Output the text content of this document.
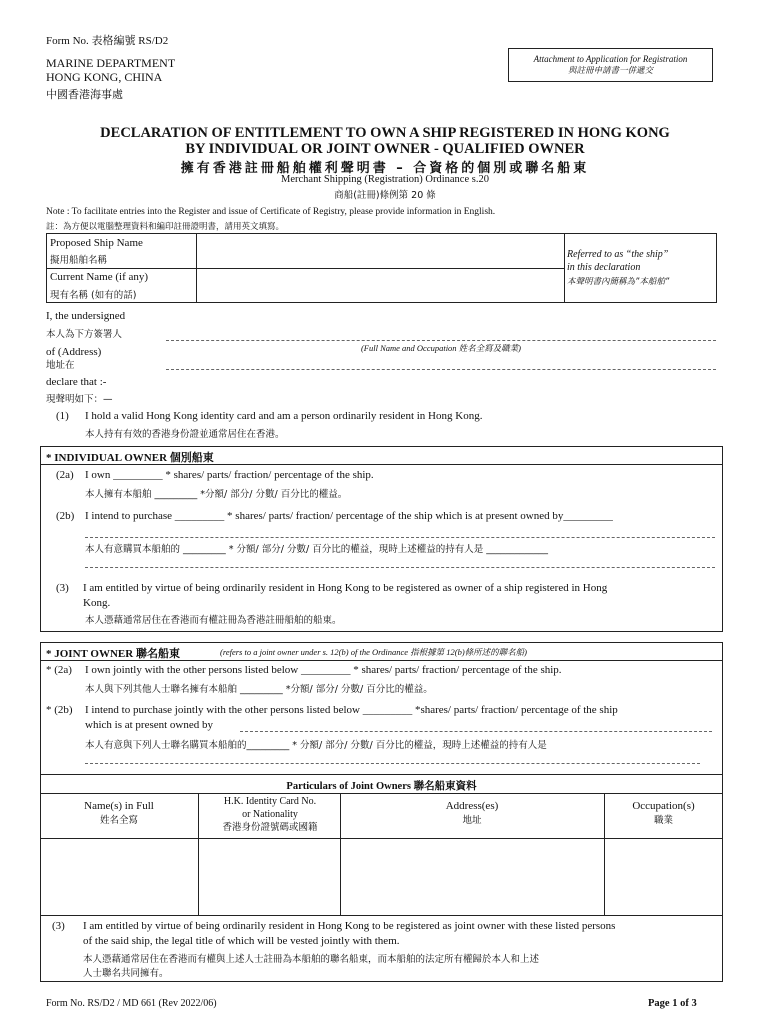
Form No. 表格編號 RS/D2
MARINE DEPARTMENT
HONG KONG, CHINA
中國香港海事處
Attachment to Application for Registration
與註冊申請書一併遞交
DECLARATION OF ENTITLEMENT TO OWN A SHIP REGISTERED IN HONG KONG
BY INDIVIDUAL OR JOINT OWNER - QUALIFIED OWNER
擁有香港註冊船舶權利聲明書 – 合資格的個別或聯名船東
Merchant Shipping (Registration) Ordinance s.20
商船(註冊)條例第 20 條
Note : To facilitate entries into the Register and issue of Certificate of Registry, please provide information in English.
註：為方便以電腦整理資料和編印註冊證明書，請用英文填寫。
Proposed Ship Name
擬用船舶名稱
Current Name (if any)
現有名稱 (如有的話)
Referred to as “the ship”
in this declaration
本聲明書內簡稱為”本船舶”
I, the undersigned
本人為下方簽署人
(Full Name and Occupation 姓名全寫及職業)
of (Address)
地址在
declare that :-
現聲明如下：—
(1) I hold a valid Hong Kong identity card and am a person ordinarily resident in Hong Kong.
本人持有有效的香港身份證並通常居住在香港。
* INDIVIDUAL OWNER 個別船東
(2a) I own _________ * shares/ parts/ fraction/ percentage of the ship.
本人擁有本船舶 _________ *分額/ 部分/ 分數/ 百分比的權益。
(2b) I intend to purchase _________ * shares/ parts/ fraction/ percentage of the ship which is at present owned by_________
本人有意購買本船舶的 _________ * 分額/ 部分/ 分數/ 百分比的權益，現時上述權益的持有人是 _____________
(3) I am entitled by virtue of being ordinarily resident in Hong Kong to be registered as owner of a ship registered in Hong
Kong.
本人憑藉通常居住在香港而有權註冊為香港註冊船舶的船東。
* JOINT OWNER 聯名船東	(refers to a joint owner under s. 12(b) of the Ordinance 指根據第 12(b)條所述的聯名船)
* (2a) I own jointly with the other persons listed below _________ * shares/ parts/ fraction/ percentage of the ship.
本人與下列其他人士聯名擁有本船舶 _________ *分額/ 部分/ 分數/ 百分比的權益。
* (2b) I intend to purchase jointly with the other persons listed below _________ *shares/ parts/ fraction/ percentage of the ship
which is at present owned by
本人有意與下列人士聯名購買本船舶的_________ * 分額/ 部分/ 分數/ 百分比的權益，現時上述權益的持有人是
Particulars of Joint Owners 聯名船東資料
Name(s) in Full
姓名全寫
H.K. Identity Card No. or Nationality
香港身份證號碼或國籍
Address(es)
地址
Occupation(s)
職業
(3) I am entitled by virtue of being ordinarily resident in Hong Kong to be registered as joint owner with these listed persons
of the said ship, the legal title of which will be vested jointly with them.
本人憑藉通常居住在香港而有權與上述人士註冊為本船舶的聯名船東，而本船舶的法定所有權歸於本人和上述
人士聯名共同擁有。
Form No. RS/D2 / MD 661 (Rev 2022/06)	Page 1 of 3
